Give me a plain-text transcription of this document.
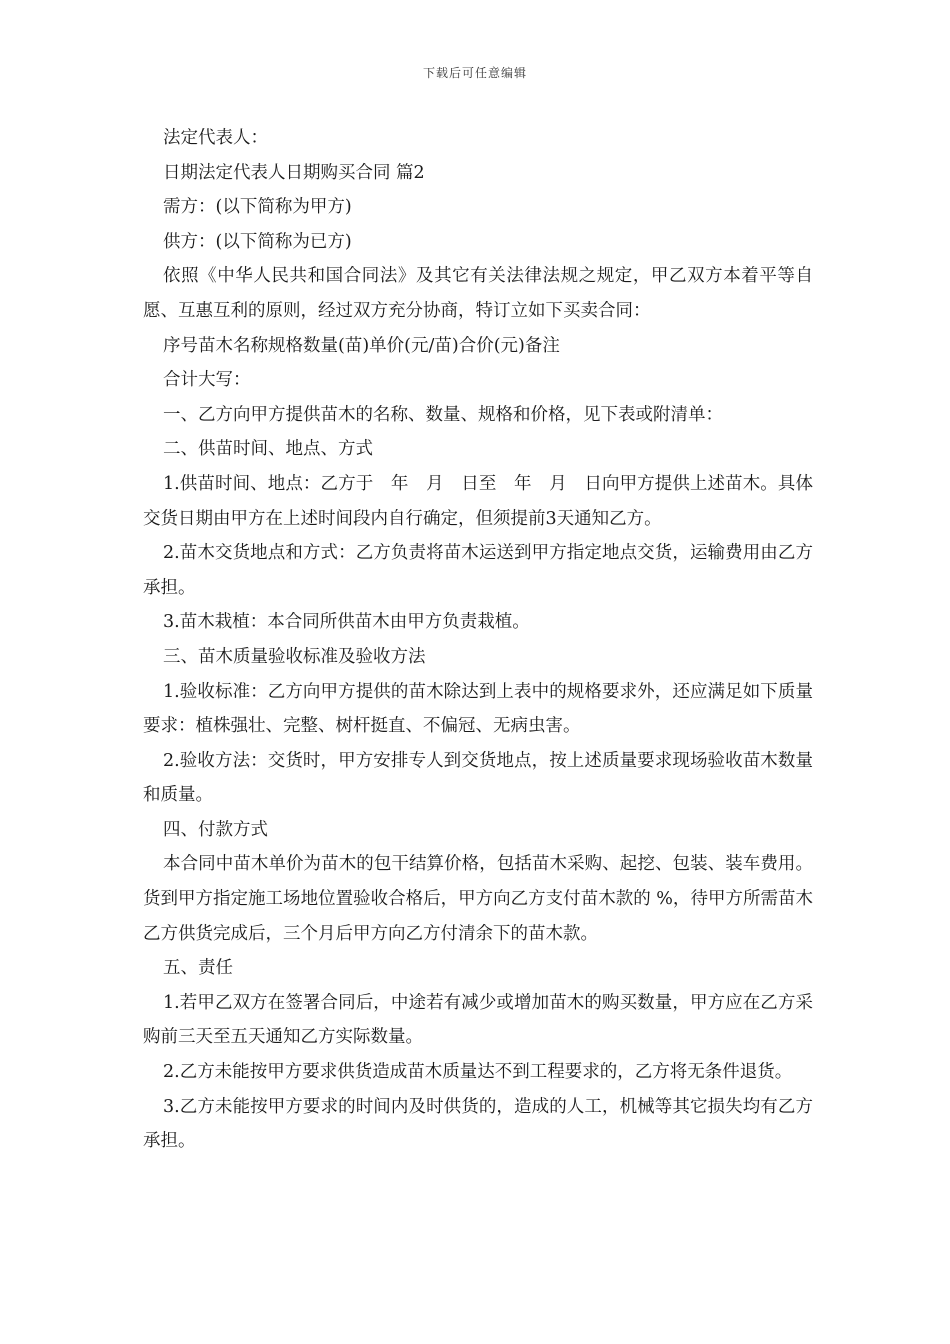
下载后可任意编辑

法定代表人：

日期法定代表人日期购买合同 篇2

需方：(以下简称为甲方)

供方：(以下简称为已方)

依照《中华人民共和国合同法》及其它有关法律法规之规定，甲乙双方本着平等自愿、互惠互利的原则，经过双方充分协商，特订立如下买卖合同：

序号苗木名称规格数量(苗)单价(元/苗)合价(元)备注

合计大写：

一、乙方向甲方提供苗木的名称、数量、规格和价格，见下表或附清单：

二、供苗时间、地点、方式

1.供苗时间、地点：乙方于　年　月　日至　年　月　日向甲方提供上述苗木。具体交货日期由甲方在上述时间段内自行确定，但须提前3天通知乙方。

2.苗木交货地点和方式：乙方负责将苗木运送到甲方指定地点交货，运输费用由乙方承担。

3.苗木栽植：本合同所供苗木由甲方负责栽植。

三、苗木质量验收标准及验收方法

1.验收标准：乙方向甲方提供的苗木除达到上表中的规格要求外，还应满足如下质量要求：植株强壮、完整、树杆挺直、不偏冠、无病虫害。

2.验收方法：交货时，甲方安排专人到交货地点，按上述质量要求现场验收苗木数量和质量。

四、付款方式

本合同中苗木单价为苗木的包干结算价格，包括苗木采购、起挖、包装、装车费用。货到甲方指定施工场地位置验收合格后，甲方向乙方支付苗木款的 %，待甲方所需苗木乙方供货完成后，三个月后甲方向乙方付清余下的苗木款。

五、责任

1.若甲乙双方在签署合同后，中途若有减少或增加苗木的购买数量，甲方应在乙方采购前三天至五天通知乙方实际数量。

2.乙方未能按甲方要求供货造成苗木质量达不到工程要求的，乙方将无条件退货。

3.乙方未能按甲方要求的时间内及时供货的，造成的人工，机械等其它损失均有乙方承担。
